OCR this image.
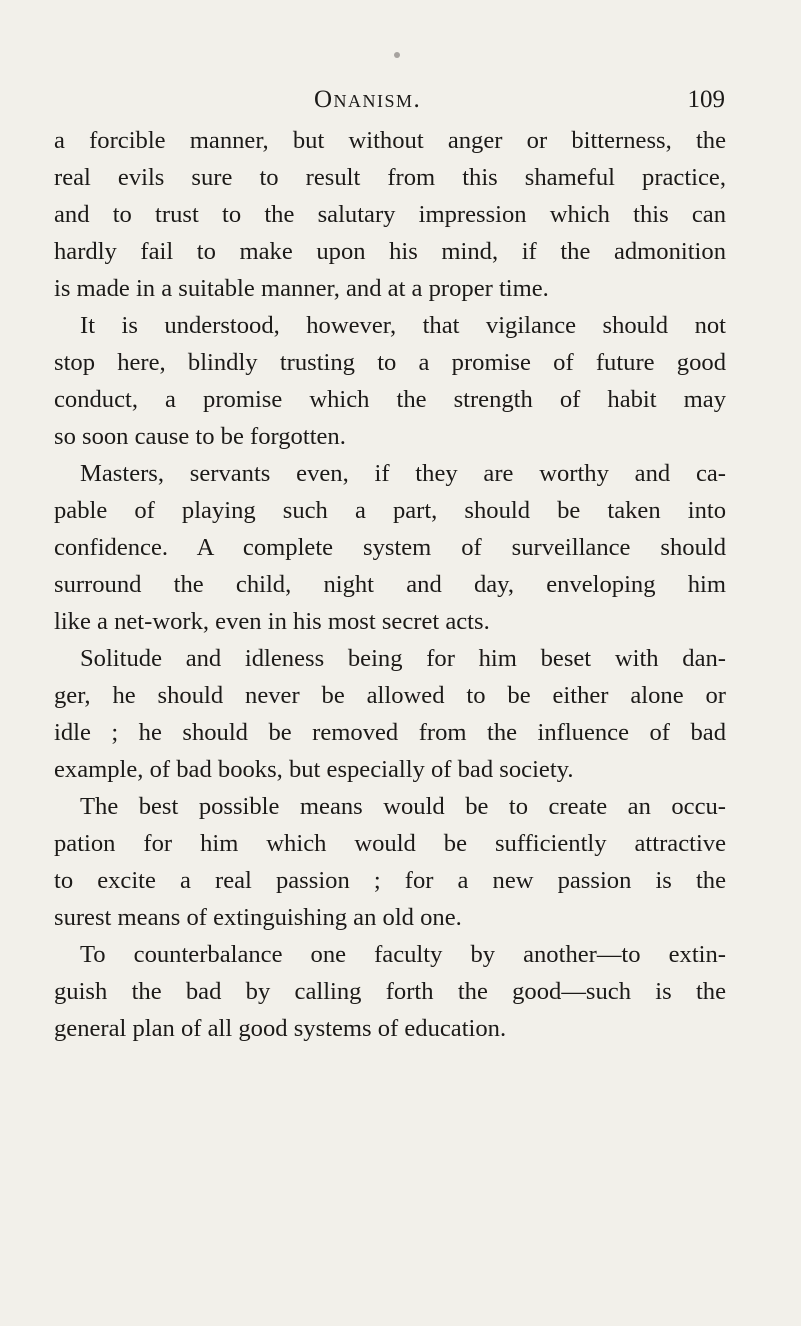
Onanism.	109
a forcible manner, but without anger or bitterness, the
real evils sure to result from this shameful practice,
and to trust to the salutary impression which this can
hardly fail to make upon his mind, if the admonition
is made in a suitable manner, and at a proper time.
It is understood, however, that vigilance should not
stop here, blindly trusting to a promise of future good
conduct, a promise which the strength of habit may
so soon cause to be forgotten.
Masters, servants even, if they are worthy and ca-
pable of playing such a part, should be taken into
confidence. A complete system of surveillance should
surround the child, night and day, enveloping him
like a net-work, even in his most secret acts.
Solitude and idleness being for him beset with dan-
ger, he should never be allowed to be either alone or
idle ; he should be removed from the influence of bad
example, of bad books, but especially of bad society.
The best possible means would be to create an occu-
pation for him which would be sufficiently attractive
to excite a real passion ; for a new passion is the
surest means of extinguishing an old one.
To counterbalance one faculty by another—to extin-
guish the bad by calling forth the good—such is the
general plan of all good systems of education.
